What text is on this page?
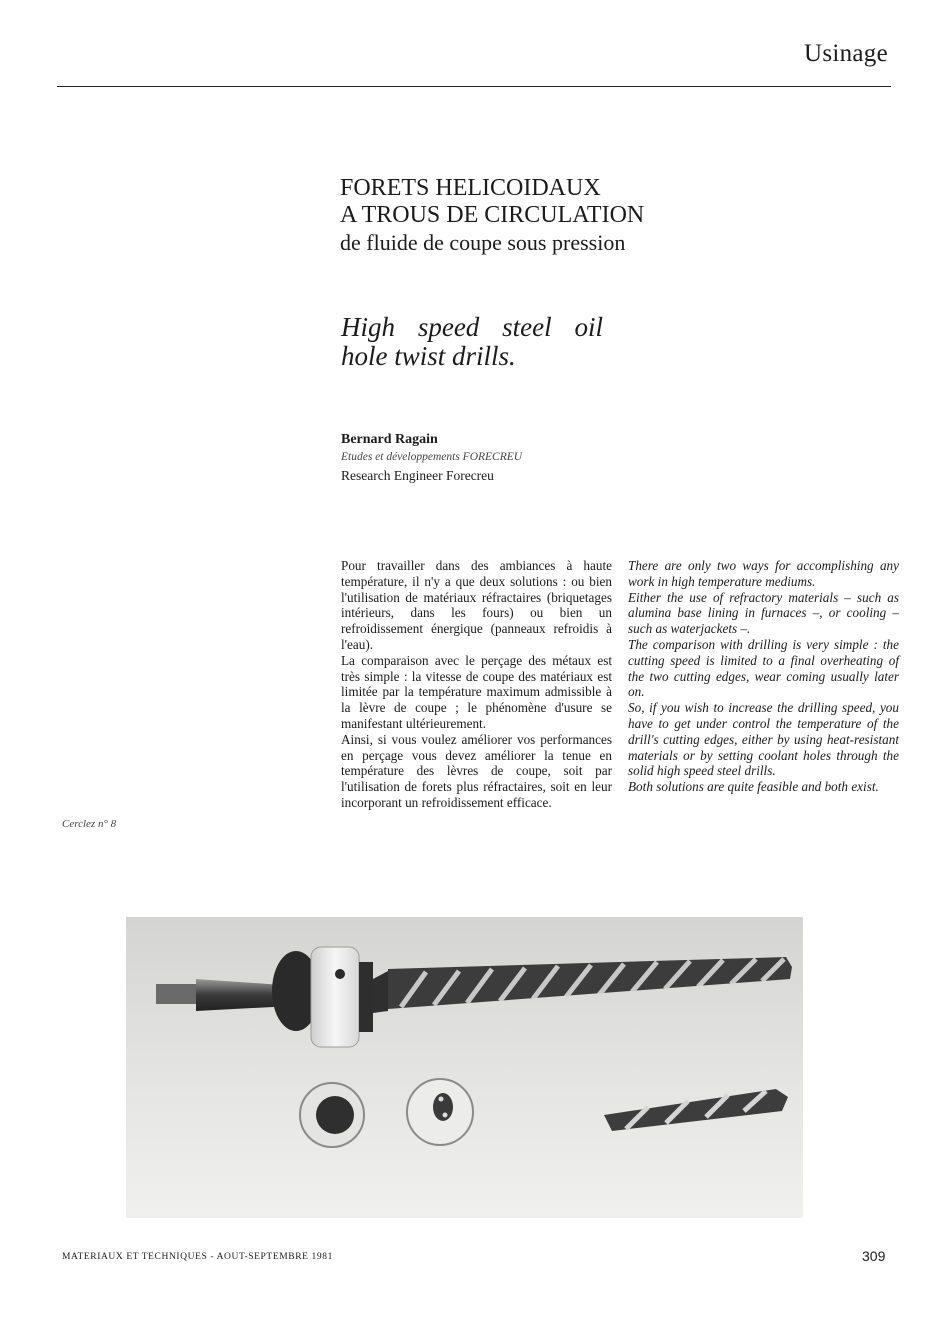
Usinage
FORETS HELICOIDAUX
A TROUS DE CIRCULATION
de fluide de coupe sous pression
High speed steel oil
hole twist drills.
Bernard Ragain
Etudes et développements FORECREU
Research Engineer Forecreu

Pour travailler dans des ambiances à haute température, il n'y a que deux solutions : ou bien l'utilisation de matériaux réfractaires (briquetages intérieurs, dans les fours) ou bien un refroidissement énergique (panneaux refroidis à l'eau).

La comparaison avec le perçage des métaux est très simple : la vitesse de coupe des matériaux est limitée par la température maximum admissible à la lèvre de coupe ; le phénomène d'usure se manifestant ultérieurement.

Ainsi, si vous voulez améliorer vos performances en perçage vous devez améliorer la tenue en température des lèvres de coupe, soit par l'utilisation de forets plus réfractaires, soit en leur incorporant un refroidissement efficace.

There are only two ways for accomplishing any work in high temperature mediums.

Either the use of refractory materials – such as alumina base lining in furnaces –, or cooling – such as waterjackets –.

The comparison with drilling is very simple : the cutting speed is limited to a final overheating of the two cutting edges, wear coming usually later on.

So, if you wish to increase the drilling speed, you have to get under control the temperature of the drill's cutting edges, either by using heat-resistant materials or by setting coolant holes through the solid high speed steel drills.

Both solutions are quite feasible and both exist.

Cerclez n° 8
MATERIAUX ET TECHNIQUES - AOUT-SEPTEMBRE 1981	309
